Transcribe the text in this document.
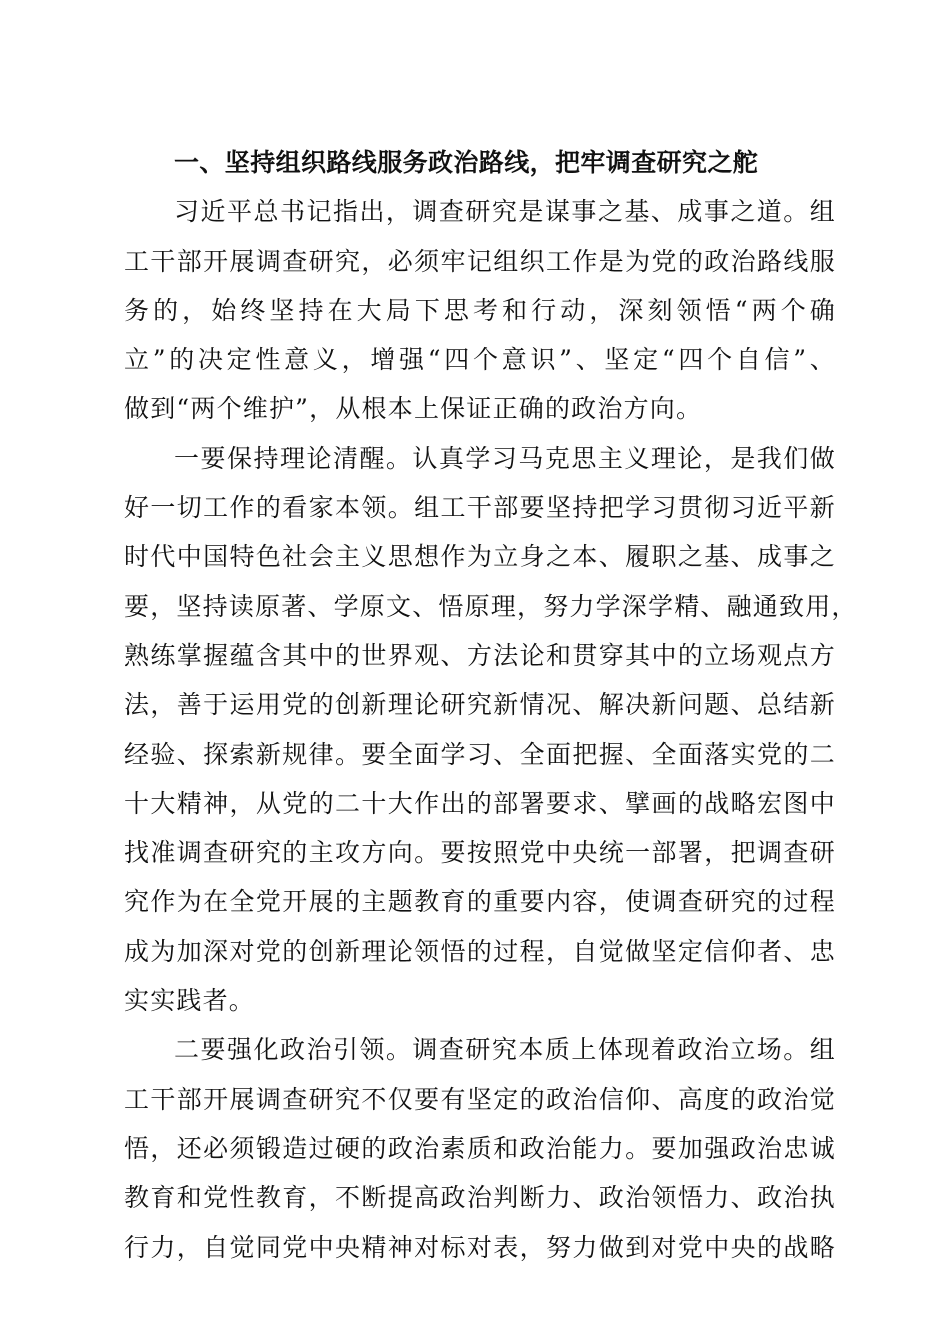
一、坚持组织路线服务政治路线，把牢调查研究之舵
习近平总书记指出，调查研究是谋事之基、成事之道。组
工干部开展调查研究，必须牢记组织工作是为党的政治路线服
务的，始终坚持在大局下思考和行动，深刻领悟“两个确
立”的决定性意义，增强“四个意识”、坚定“四个自信”、
做到“两个维护”，从根本上保证正确的政治方向。
一要保持理论清醒。认真学习马克思主义理论，是我们做
好一切工作的看家本领。组工干部要坚持把学习贯彻习近平新
时代中国特色社会主义思想作为立身之本、履职之基、成事之
要，坚持读原著、学原文、悟原理，努力学深学精、融通致用，
熟练掌握蕴含其中的世界观、方法论和贯穿其中的立场观点方
法，善于运用党的创新理论研究新情况、解决新问题、总结新
经验、探索新规律。要全面学习、全面把握、全面落实党的二
十大精神，从党的二十大作出的部署要求、擘画的战略宏图中
找准调查研究的主攻方向。要按照党中央统一部署，把调查研
究作为在全党开展的主题教育的重要内容，使调查研究的过程
成为加深对党的创新理论领悟的过程，自觉做坚定信仰者、忠
实实践者。
二要强化政治引领。调查研究本质上体现着政治立场。组
工干部开展调查研究不仅要有坚定的政治信仰、高度的政治觉
悟，还必须锻造过硬的政治素质和政治能力。要加强政治忠诚
教育和党性教育，不断提高政治判断力、政治领悟力、政治执
行力，自觉同党中央精神对标对表，努力做到对党中央的战略
